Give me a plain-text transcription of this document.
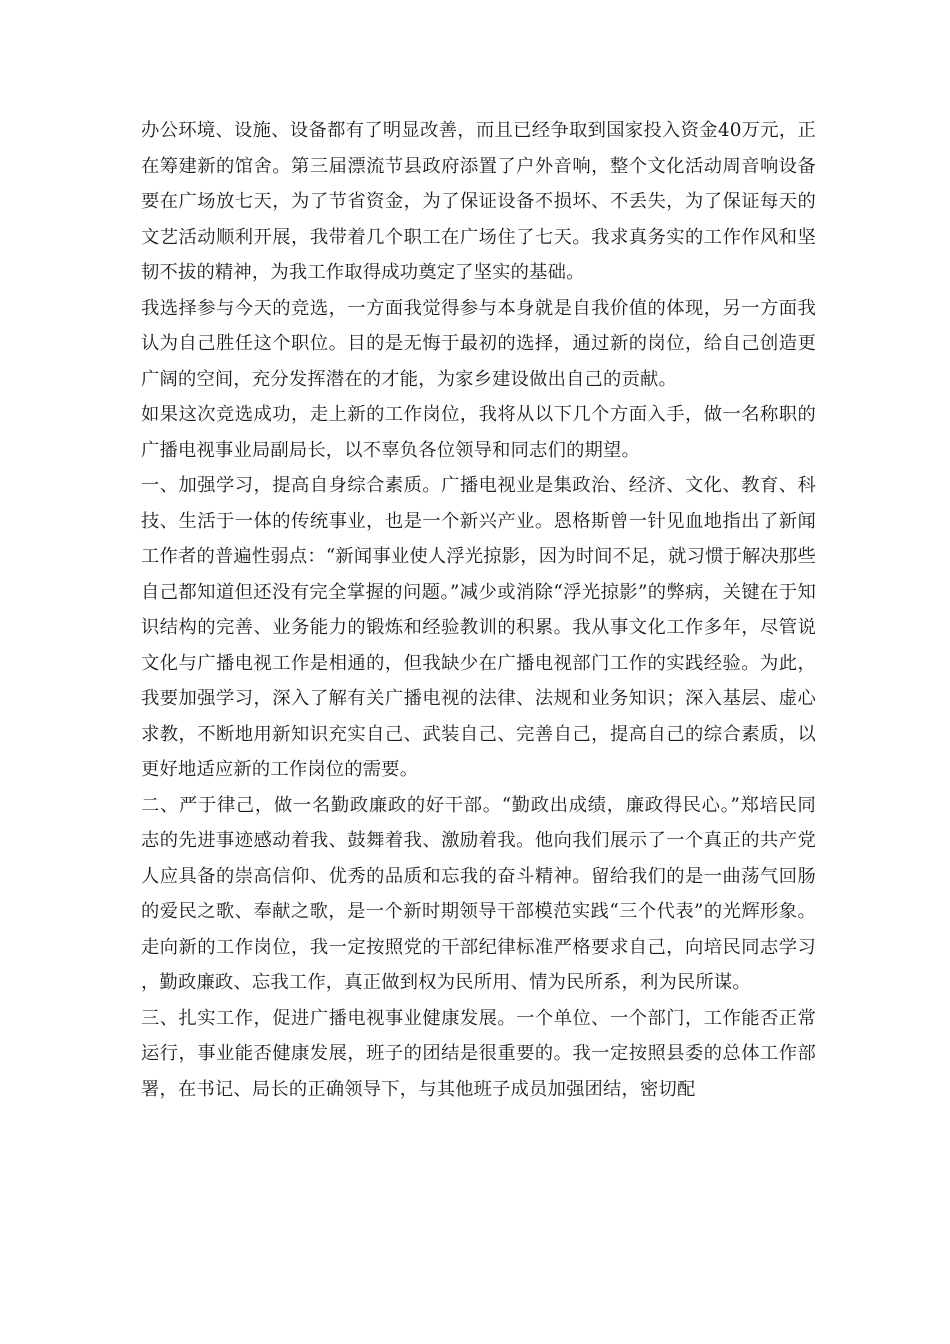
办公环境、设施、设备都有了明显改善，而且已经争取到国家投入资金40万元，正在筹建新的馆舍。第三届漂流节县政府添置了户外音响，整个文化活动周音响设备要在广场放七天，为了节省资金，为了保证设备不损坏、不丢失，为了保证每天的文艺活动顺利开展，我带着几个职工在广场住了七天。我求真务实的工作作风和坚韧不拔的精神，为我工作取得成功奠定了坚实的基础。

我选择参与今天的竞选，一方面我觉得参与本身就是自我价值的体现，另一方面我认为自己胜任这个职位。目的是无悔于最初的选择，通过新的岗位，给自己创造更广阔的空间，充分发挥潜在的才能，为家乡建设做出自己的贡献。

如果这次竞选成功，走上新的工作岗位，我将从以下几个方面入手，做一名称职的广播电视事业局副局长，以不辜负各位领导和同志们的期望。

一、加强学习，提高自身综合素质。广播电视业是集政治、经济、文化、教育、科技、生活于一体的传统事业，也是一个新兴产业。恩格斯曾一针见血地指出了新闻工作者的普遍性弱点：“新闻事业使人浮光掠影，因为时间不足，就习惯于解决那些自己都知道但还没有完全掌握的问题。”减少或消除“浮光掠影”的弊病，关键在于知识结构的完善、业务能力的锻炼和经验教训的积累。我从事文化工作多年，尽管说文化与广播电视工作是相通的，但我缺少在广播电视部门工作的实践经验。为此，我要加强学习，深入了解有关广播电视的法律、法规和业务知识；深入基层、虚心求教，不断地用新知识充实自己、武装自己、完善自己，提高自己的综合素质，以更好地适应新的工作岗位的需要。

二、严于律己，做一名勤政廉政的好干部。“勤政出成绩，廉政得民心。”郑培民同志的先进事迹感动着我、鼓舞着我、激励着我。他向我们展示了一个真正的共产党人应具备的崇高信仰、优秀的品质和忘我的奋斗精神。留给我们的是一曲荡气回肠的爱民之歌、奉献之歌，是一个新时期领导干部模范实践“三个代表”的光辉形象。走向新的工作岗位，我一定按照党的干部纪律标准严格要求自己，向培民同志学习，勤政廉政、忘我工作，真正做到权为民所用、情为民所系，利为民所谋。

三、扎实工作，促进广播电视事业健康发展。一个单位、一个部门，工作能否正常运行，事业能否健康发展，班子的团结是很重要的。我一定按照县委的总体工作部署，在书记、局长的正确领导下，与其他班子成员加强团结，密切配
